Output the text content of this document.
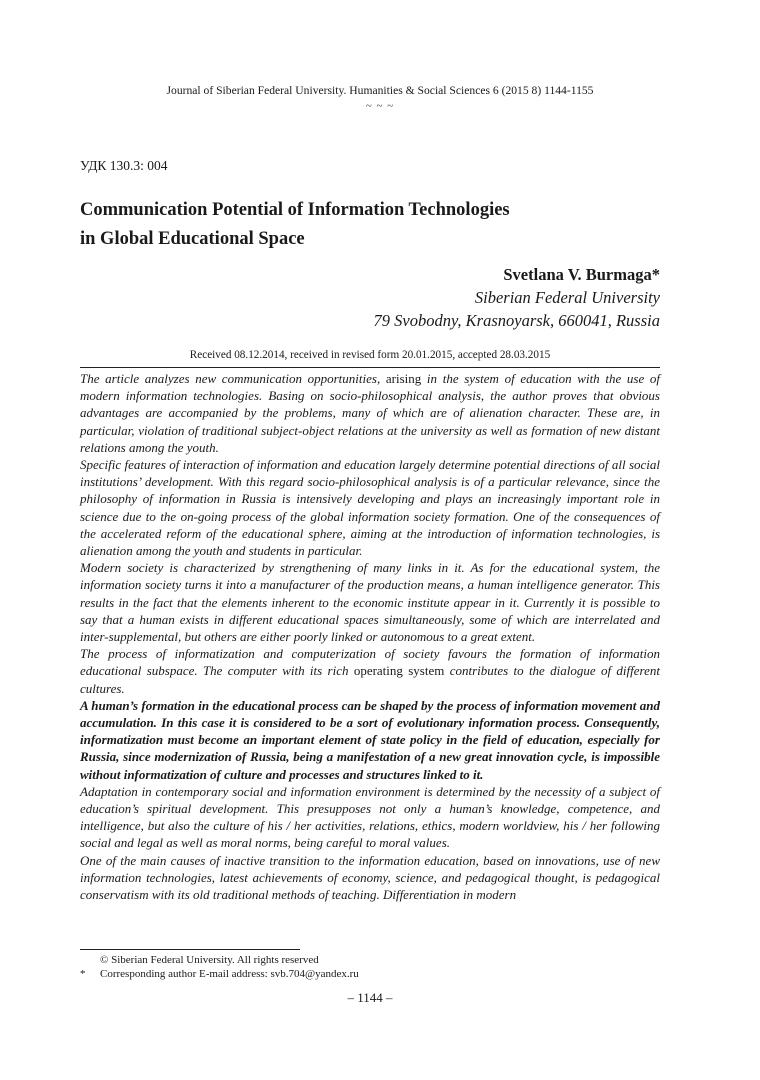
Journal of Siberian Federal University. Humanities & Social Sciences 6 (2015 8) 1144-1155
~ ~ ~
УДК 130.3: 004
Communication Potential of Information Technologies
in Global Educational Space
Svetlana V. Burmaga*
Siberian Federal University
79 Svobodny, Krasnoyarsk, 660041, Russia
Received 08.12.2014, received in revised form 20.01.2015, accepted 28.03.2015

The article analyzes new communication opportunities, arising in the system of education with the use of modern information technologies. Basing on socio-philosophical analysis, the author proves that obvious advantages are accompanied by the problems, many of which are of alienation character. These are, in particular, violation of traditional subject-object relations at the university as well as formation of new distant relations among the youth.

Specific features of interaction of information and education largely determine potential directions of all social institutions’ development. With this regard socio-philosophical analysis is of a particular relevance, since the philosophy of information in Russia is intensively developing and plays an increasingly important role in science due to the on-going process of the global information society formation. One of the consequences of the accelerated reform of the educational sphere, aiming at the introduction of information technologies, is alienation among the youth and students in particular.

Modern society is characterized by strengthening of many links in it. As for the educational system, the information society turns it into a manufacturer of the production means, a human intelligence generator. This results in the fact that the elements inherent to the economic institute appear in it. Currently it is possible to say that a human exists in different educational spaces simultaneously, some of which are interrelated and inter-supplemental, but others are either poorly linked or autonomous to a great extent.

The process of informatization and computerization of society favours the formation of information educational subspace. The computer with its rich operating system contributes to the dialogue of different cultures.

A human’s formation in the educational process can be shaped by the process of information movement and accumulation. In this case it is considered to be a sort of evolutionary information process. Consequently, informatization must become an important element of state policy in the field of education, especially for Russia, since modernization of Russia, being a manifestation of a new great innovation cycle, is impossible without informatization of culture and processes and structures linked to it.

Adaptation in contemporary social and information environment is determined by the necessity of a subject of education’s spiritual development. This presupposes not only a human’s knowledge, competence, and intelligence, but also the culture of his / her activities, relations, ethics, modern worldview, his / her following social and legal as well as moral norms, being careful to moral values.

One of the main causes of inactive transition to the information education, based on innovations, use of new information technologies, latest achievements of economy, science, and pedagogical thought, is pedagogical conservatism with its old traditional methods of teaching. Differentiation in modern

© Siberian Federal University. All rights reserved
* Corresponding author E-mail address: svb.704@yandex.ru
– 1144 –
